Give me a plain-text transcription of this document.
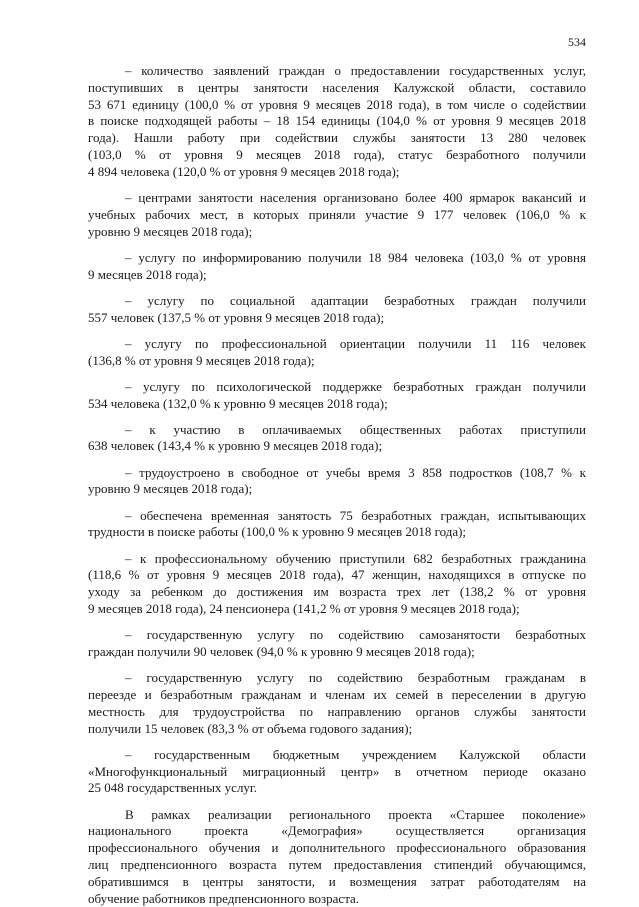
534
– количество заявлений граждан о предоставлении государственных услуг,
поступивших в центры занятости населения Калужской области, составило
53 671 единицу (100,0 % от уровня 9 месяцев 2018 года), в том числе о содействии
в поиске подходящей работы – 18 154 единицы (104,0 % от уровня 9 месяцев 2018
года). Нашли работу при содействии службы занятости 13 280 человек
(103,0 % от уровня 9 месяцев 2018 года), статус безработного получили
4 894 человека (120,0 % от уровня 9 месяцев 2018 года);
– центрами занятости населения организовано более 400 ярмарок вакансий и
учебных рабочих мест, в которых приняли участие 9 177 человек (106,0 % к
уровню 9 месяцев 2018 года);
– услугу по информированию получили 18 984 человека (103,0 % от уровня
9 месяцев 2018 года);
– услугу по социальной адаптации безработных граждан получили
557 человек (137,5 % от уровня 9 месяцев 2018 года);
– услугу по профессиональной ориентации получили 11 116 человек
(136,8 % от уровня 9 месяцев 2018 года);
– услугу по психологической поддержке безработных граждан получили
534 человека (132,0 % к уровню 9 месяцев 2018 года);
– к участию в оплачиваемых общественных работах приступили
638 человек (143,4 % к уровню 9 месяцев 2018 года);
– трудоустроено в свободное от учебы время 3 858 подростков (108,7 % к
уровню 9 месяцев 2018 года);
– обеспечена временная занятость 75 безработных граждан, испытывающих
трудности в поиске работы (100,0 % к уровню 9 месяцев 2018 года);
– к профессиональному обучению приступили 682 безработных гражданина
(118,6 % от уровня 9 месяцев 2018 года), 47 женщин, находящихся в отпуске по
уходу за ребенком до достижения им возраста трех лет (138,2 % от уровня
9 месяцев 2018 года), 24 пенсионера (141,2 % от уровня 9 месяцев 2018 года);
– государственную услугу по содействию самозанятости безработных
граждан получили 90 человек (94,0 % к уровню 9 месяцев 2018 года);
– государственную услугу по содействию безработным гражданам в
переезде и безработным гражданам и членам их семей в переселении в другую
местность для трудоустройства по направлению органов службы занятости
получили 15 человек (83,3 % от объема годового задания);
– государственным бюджетным учреждением Калужской области
«Многофункциональный миграционный центр» в отчетном периоде оказано
25 048 государственных услуг.
В рамках реализации регионального проекта «Старшее поколение»
национального проекта «Демография» осуществляется организация
профессионального обучения и дополнительного профессионального образования
лиц предпенсионного возраста путем предоставления стипендий обучающимся,
обратившимся в центры занятости, и возмещения затрат работодателям на
обучение работников предпенсионного возраста.
